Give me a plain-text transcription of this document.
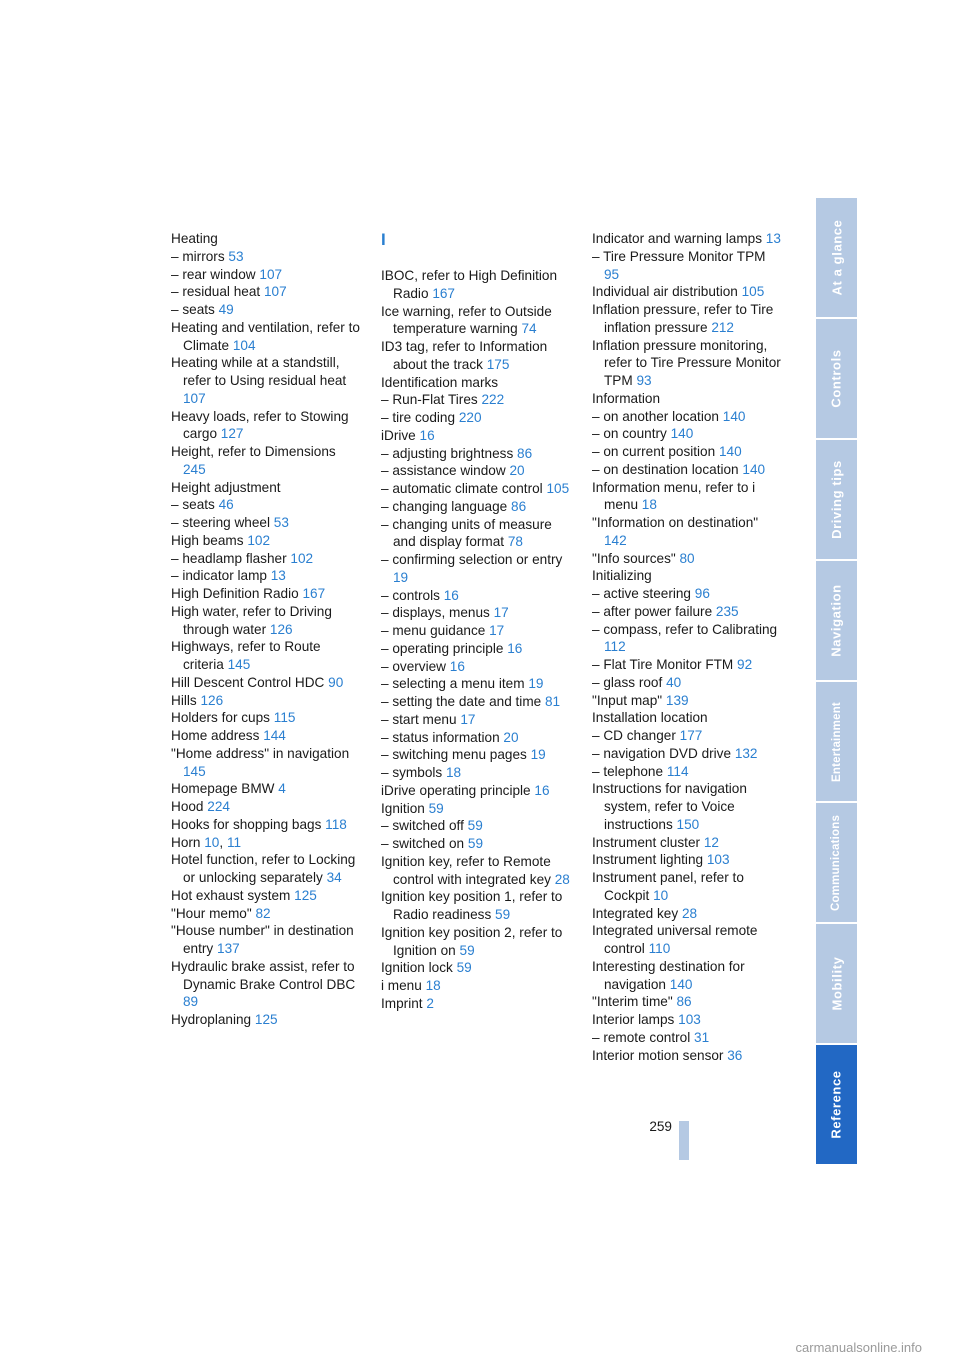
Heating

– mirrors 53

– rear window 107

– residual heat 107

– seats 49

Heating and ventilation, refer to Climate 104

Heating while at a standstill, refer to Using residual heat 107

Heavy loads, refer to Stowing cargo 127

Height, refer to Dimensions 245

Height adjustment

– seats 46

– steering wheel 53

High beams 102

– headlamp flasher 102

– indicator lamp 13

High Definition Radio 167

High water, refer to Driving through water 126

Highways, refer to Route criteria 145

Hill Descent Control HDC 90

Hills 126

Holders for cups 115

Home address 144

"Home address" in navigation 145

Homepage BMW 4

Hood 224

Hooks for shopping bags 118

Horn 10, 11

Hotel function, refer to Locking or unlocking separately 34

Hot exhaust system 125

"Hour memo" 82

"House number" in destination entry 137

Hydraulic brake assist, refer to Dynamic Brake Control DBC 89

Hydroplaning 125

I

IBOC, refer to High Definition Radio 167

Ice warning, refer to Outside temperature warning 74

ID3 tag, refer to Information about the track 175

Identification marks

– Run-Flat Tires 222

– tire coding 220

iDrive 16

– adjusting brightness 86

– assistance window 20

– automatic climate control 105

– changing language 86

– changing units of measure and display format 78

– confirming selection or entry 19

– controls 16

– displays, menus 17

– menu guidance 17

– operating principle 16

– overview 16

– selecting a menu item 19

– setting the date and time 81

– start menu 17

– status information 20

– switching menu pages 19

– symbols 18

iDrive operating principle 16

Ignition 59

– switched off 59

– switched on 59

Ignition key, refer to Remote control with integrated key 28

Ignition key position 1, refer to Radio readiness 59

Ignition key position 2, refer to Ignition on 59

Ignition lock 59

i menu 18

Imprint 2

Indicator and warning lamps 13

– Tire Pressure Monitor TPM 95

Individual air distribution 105

Inflation pressure, refer to Tire inflation pressure 212

Inflation pressure monitoring, refer to Tire Pressure Monitor TPM 93

Information

– on another location 140

– on country 140

– on current position 140

– on destination location 140

Information menu, refer to i menu 18

"Information on destination" 142

"Info sources" 80

Initializing

– active steering 96

– after power failure 235

– compass, refer to Calibrating 112

– Flat Tire Monitor FTM 92

– glass roof 40

"Input map" 139

Installation location

– CD changer 177

– navigation DVD drive 132

– telephone 114

Instructions for navigation system, refer to Voice instructions 150

Instrument cluster 12

Instrument lighting 103

Instrument panel, refer to Cockpit 10

Integrated key 28

Integrated universal remote control 110

Interesting destination for navigation 140

"Interim time" 86

Interior lamps 103

– remote control 31

Interior motion sensor 36

At a glance
Controls
Driving tips
Navigation
Entertainment
Communications
Mobility
Reference
259
carmanualsonline.info
